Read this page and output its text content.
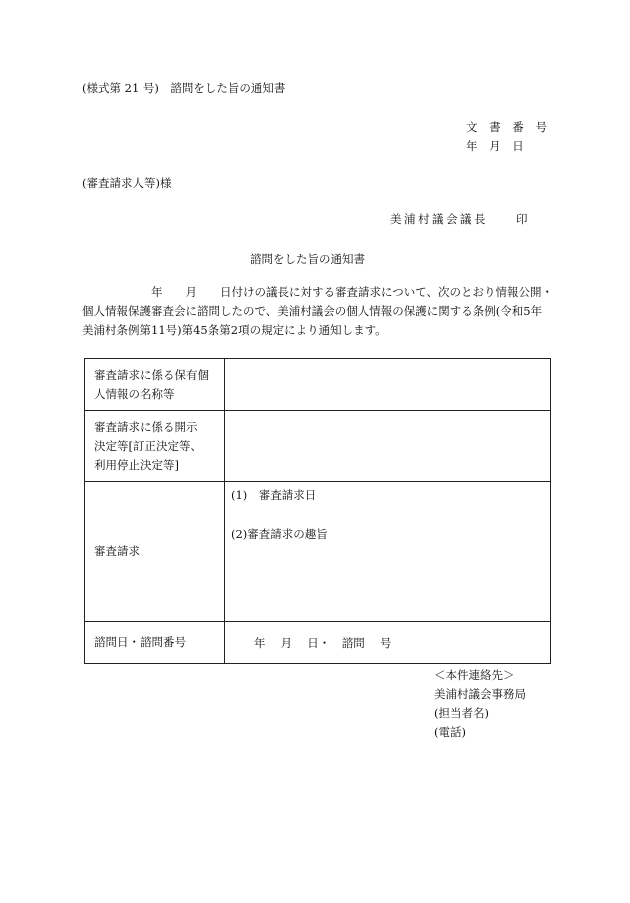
(様式第 21 号)　諮問をした旨の通知書
文 書 番 号
年 月 日
(審査請求人等)様
美浦村議会議長　　印
諮問をした旨の通知書
　　　　　　年　　月　　日付けの議長に対する審査請求について、次のとおり情報公開・
個人情報保護審査会に諮問したので、美浦村議会の個人情報の保護に関する条例(令和5年
美浦村条例第11号)第45条第2項の規定により通知します。
審査請求に係る保有個
人情報の名称等	

審査請求に係る開示
決定等[訂正決定等、
利用停止決定等]	

審査請求	(1)　審査請求日
(2)審査請求の趣旨

諮問日・諮問番号	年　 月　 日・　諮問　 号
＜本件連絡先＞
美浦村議会事務局
(担当者名)
(電話)
